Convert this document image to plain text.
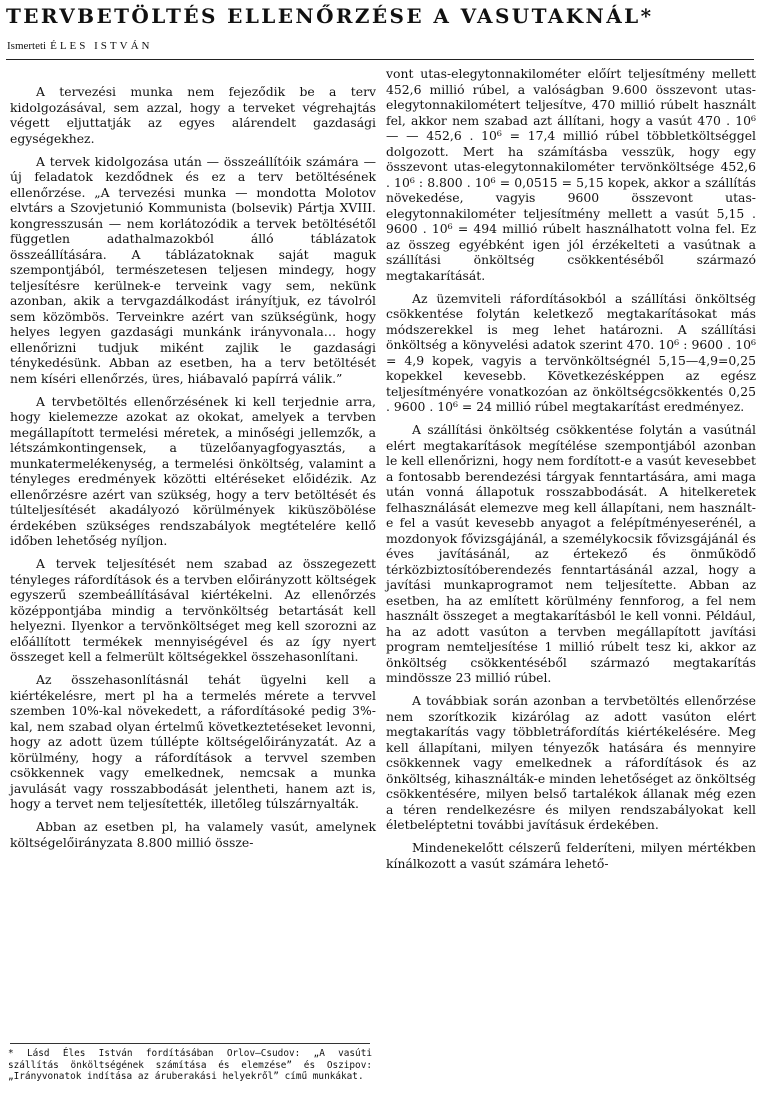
TERVBETÖLTÉS ELLENŐRZÉSE A VASUTAKNÁL*
Ismerteti ÉLES ISTVÁN

A tervezési munka nem fejeződik be a terv kidolgozásával, sem azzal, hogy a terveket végrehajtás végett eljuttatják az egyes alárendelt gazdasági egységekhez.

A tervek kidolgozása után — összeállítóik számára — új feladatok kezdődnek és ez a terv betöltésének ellenőrzése. „A tervezési munka — mondotta Molotov elvtárs a Szovjetunió Kommunista (bolsevik) Pártja XVIII. kongresszusán — nem korlátozódik a tervek betöltésétől független adathalmazokból álló táblázatok összeállítására. A táblázatoknak saját maguk szempontjából, természetesen teljesen mindegy, hogy teljesítésre kerülnek-e terveink vagy sem, nekünk azonban, akik a tervgazdálkodást irányítjuk, ez távolról sem közömbös. Terveinkre azért van szükségünk, hogy helyes legyen gazdasági munkánk irányvonala… hogy ellenőrizni tudjuk miként zajlik le gazdasági ténykedésünk. Abban az esetben, ha a terv betöltését nem kíséri ellenőrzés, üres, hiábavaló papírrá válik.”

A tervbetöltés ellenőrzésének ki kell terjednie arra, hogy kielemezze azokat az okokat, amelyek a tervben megállapított termelési méretek, a minőségi jellemzők, a létszámkontingensek, a tüzelőanyagfogyasztás, a munkatermelékenység, a termelési önköltség, valamint a tényleges eredmények közötti eltéréseket előidézik. Az ellenőrzésre azért van szükség, hogy a terv betöltését és túlteljesítését akadályozó körülmények kiküszöbölése érdekében szükséges rendszabályok megtételére kellő időben lehetőség nyíljon.

A tervek teljesítését nem szabad az összegezett tényleges ráfordítások és a tervben előirányzott költségek egyszerű szembeállításával kiértékelni. Az ellenőrzés középpontjába mindig a tervönköltség betartását kell helyezni. Ilyenkor a tervönköltséget meg kell szorozni az előállított termékek mennyiségével és az így nyert összeget kell a felmerült költségekkel összehasonlítani.

Az összehasonlításnál tehát ügyelni kell a kiértékelésre, mert pl ha a termelés mérete a tervvel szemben 10%-kal növekedett, a ráfordításoké pedig 3%-kal, nem szabad olyan értelmű következtetéseket levonni, hogy az adott üzem túllépte költségelőirányzatát. Az a körülmény, hogy a ráfordítások a tervvel szemben csökkennek vagy emelkednek, nemcsak a munka javulását vagy rosszabbodását jelentheti, hanem azt is, hogy a tervet nem teljesítették, illetőleg túlszárnyalták.

Abban az esetben pl, ha valamely vasút, amelynek költségelőirányzata 8.800 millió össze-

* Lásd Éles István fordításában Orlov—Csudov: „A vasúti szállítás önköltségének számítása és elemzése” és Oszipov: „Irányvonatok indítása az áruberakási helyekről” című munkákat.

vont utas-elegytonnakilométer előírt teljesítmény mellett 452,6 millió rúbel, a valóságban 9.600 összevont utas-elegytonnakilométert teljesítve, 470 millió rúbelt használt fel, akkor nem szabad azt állítani, hogy a vasút 470 . 10⁶ — — 452,6 . 10⁶ = 17,4 millió rúbel többletköltséggel dolgozott. Mert ha számításba vesszük, hogy egy összevont utas-elegytonnakilométer tervönköltsége 452,6 . 10⁶ : 8.800 . 10⁶ = 0,0515 = 5,15 kopek, akkor a szállítás növekedése, vagyis 9600 összevont utas-elegytonnakilométer teljesítmény mellett a vasút 5,15 . 9600 . 10⁶ = 494 millió rúbelt használhatott volna fel. Ez az összeg egyébként igen jól érzékelteti a vasútnak a szállítási önköltség csökkentéséből származó megtakarítását.

Az üzemviteli ráfordításokból a szállítási önköltség csökkentése folytán keletkező megtakarításokat más módszerekkel is meg lehet határozni. A szállítási önköltség a könyvelési adatok szerint 470. 10⁶ : 9600 . 10⁶ = 4,9 kopek, vagyis a tervönköltségnél 5,15—4,9=0,25 kopekkel kevesebb. Következésképpen az egész teljesítményére vonatkozóan az önköltségcsökkentés 0,25 . 9600 . 10⁶ = 24 millió rúbel megtakarítást eredményez.

A szállítási önköltség csökkentése folytán a vasútnál elért megtakarítások megítélése szempontjából azonban le kell ellenőrizni, hogy nem fordított-e a vasút kevesebbet a fontosabb berendezési tárgyak fenntartására, ami maga után vonná állapotuk rosszabbodását. A hitelkeretek felhasználását elemezve meg kell állapítani, nem használt-e fel a vasút kevesebb anyagot a felépítményeserénél, a mozdonyok fővizsgájánál, a személykocsik fővizsgájánál és éves javításánál, az értekező és önműködő térközbiztosítóberendezés fenntartásánál azzal, hogy a javítási munkaprogramot nem teljesítette. Abban az esetben, ha az említett körülmény fennforog, a fel nem használt összeget a megtakarításból le kell vonni. Például, ha az adott vasúton a tervben megállapított javítási program nemteljesítése 1 millió rúbelt tesz ki, akkor az önköltség csökkentéséből származó megtakarítás mindössze 23 millió rúbel.

A továbbiak során azonban a tervbetöltés ellenőrzése nem szorítkozik kizárólag az adott vasúton elért megtakarítás vagy többletráfordítás kiértékelésére. Meg kell állapítani, milyen tényezők hatására és mennyire csökkennek vagy emelkednek a ráfordítások és az önköltség, kihasználták-e minden lehetőséget az önköltség csökkentésére, milyen belső tartalékok állanak még ezen a téren rendelkezésre és milyen rendszabályokat kell életbeléptetni további javításuk érdekében.

Mindenekelőtt célszerű felderíteni, milyen mértékben kínálkozott a vasút számára lehető-
